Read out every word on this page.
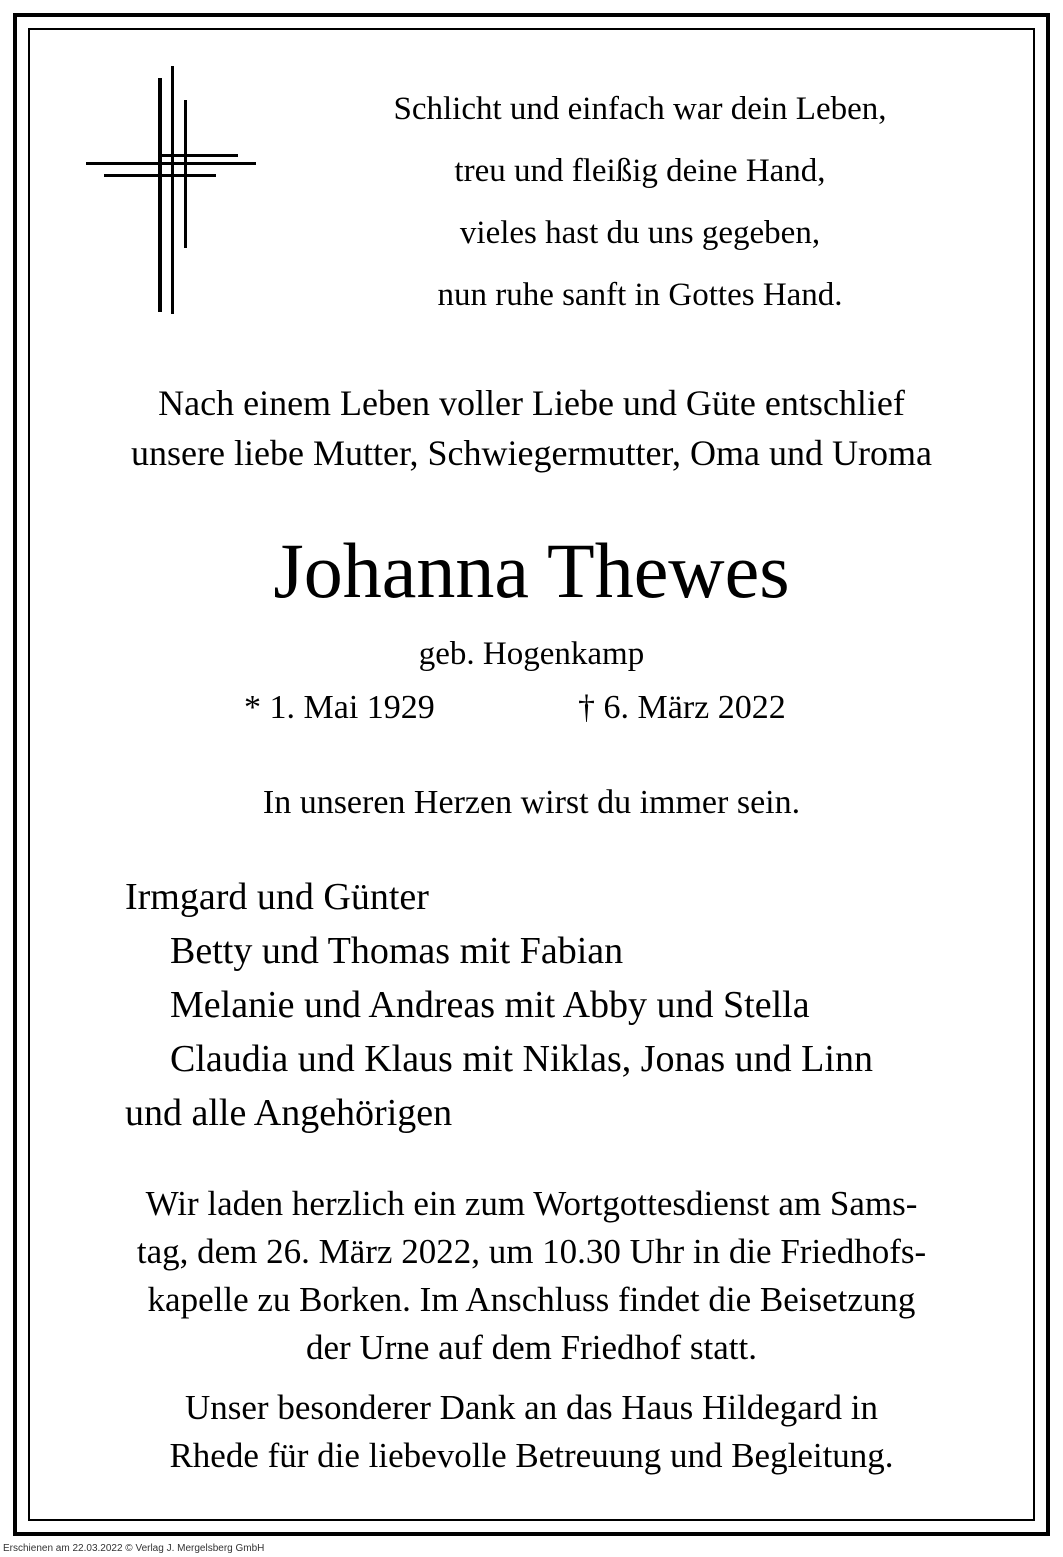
Schlicht und einfach war dein Leben,
treu und fleißig deine Hand,
vieles hast du uns gegeben,
nun ruhe sanft in Gottes Hand.
Nach einem Leben voller Liebe und Güte entschlief
unsere liebe Mutter, Schwiegermutter, Oma und Uroma
Johanna Thewes
geb. Hogenkamp
* 1. Mai 1929	† 6. März 2022
In unseren Herzen wirst du immer sein.
Irmgard und Günter
Betty und Thomas mit Fabian
Melanie und Andreas mit Abby und Stella
Claudia und Klaus mit Niklas, Jonas und Linn
und alle Angehörigen
Wir laden herzlich ein zum Wortgottesdienst am Sams-
tag, dem 26. März 2022, um 10.30 Uhr in die Friedhofs-
kapelle zu Borken. Im Anschluss findet die Beisetzung
der Urne auf dem Friedhof statt.
Unser besonderer Dank an das Haus Hildegard in
Rhede für die liebevolle Betreuung und Begleitung.
Erschienen am 22.03.2022 © Verlag J. Mergelsberg GmbH
